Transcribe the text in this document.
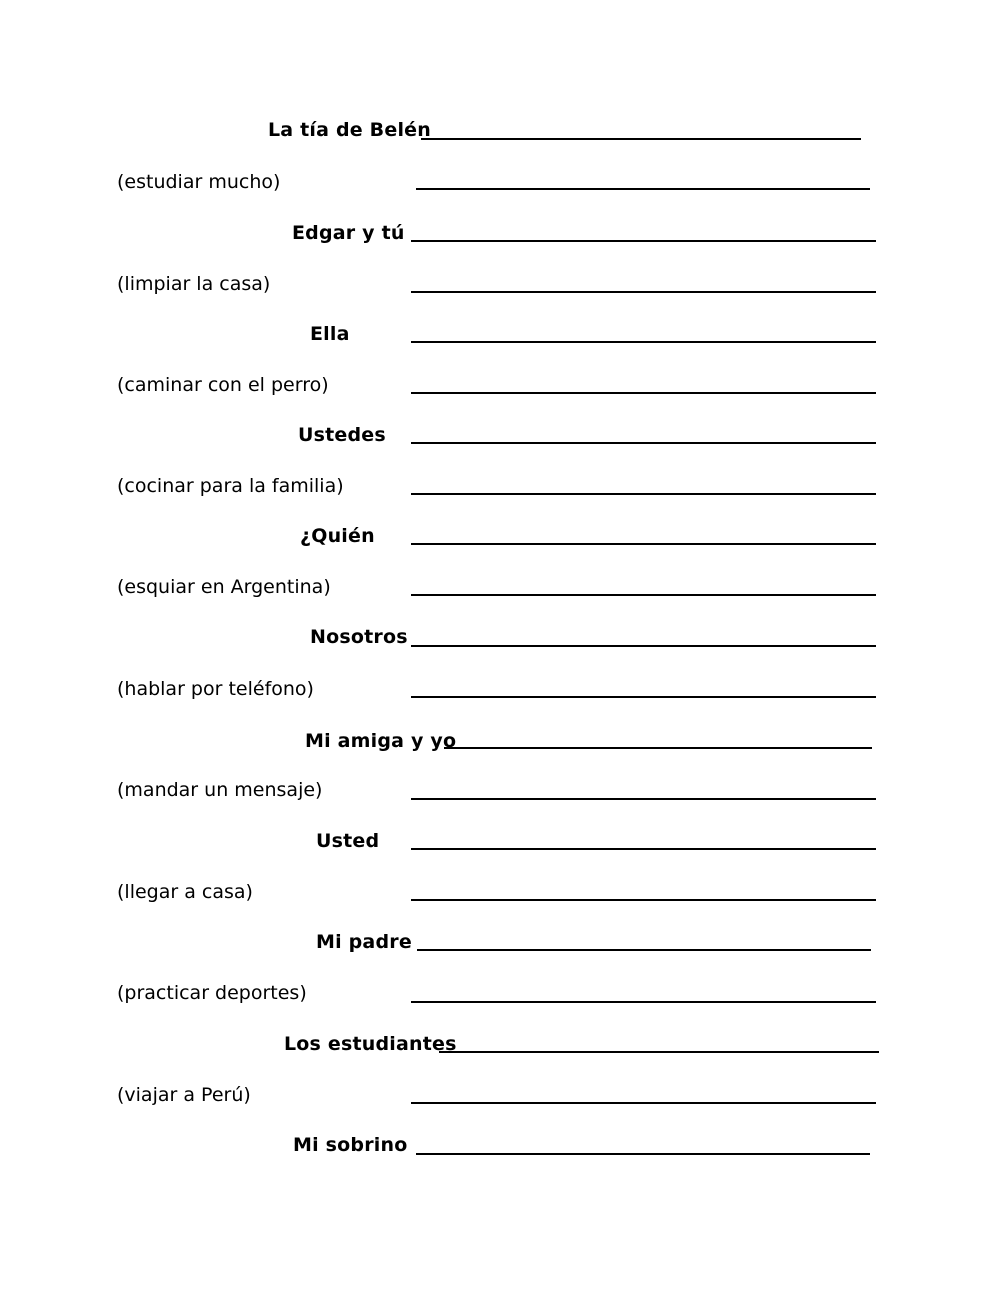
La tía de Belén
(estudiar mucho)
Edgar y tú
(limpiar la casa)
Ella
(caminar con el perro)
Ustedes
(cocinar para la familia)
¿Quién
(esquiar en Argentina)
Nosotros
(hablar por teléfono)
Mi amiga y yo
(mandar un mensaje)
Usted
(llegar a casa)
Mi padre
(practicar deportes)
Los estudiantes
(viajar a Perú)
Mi sobrino
